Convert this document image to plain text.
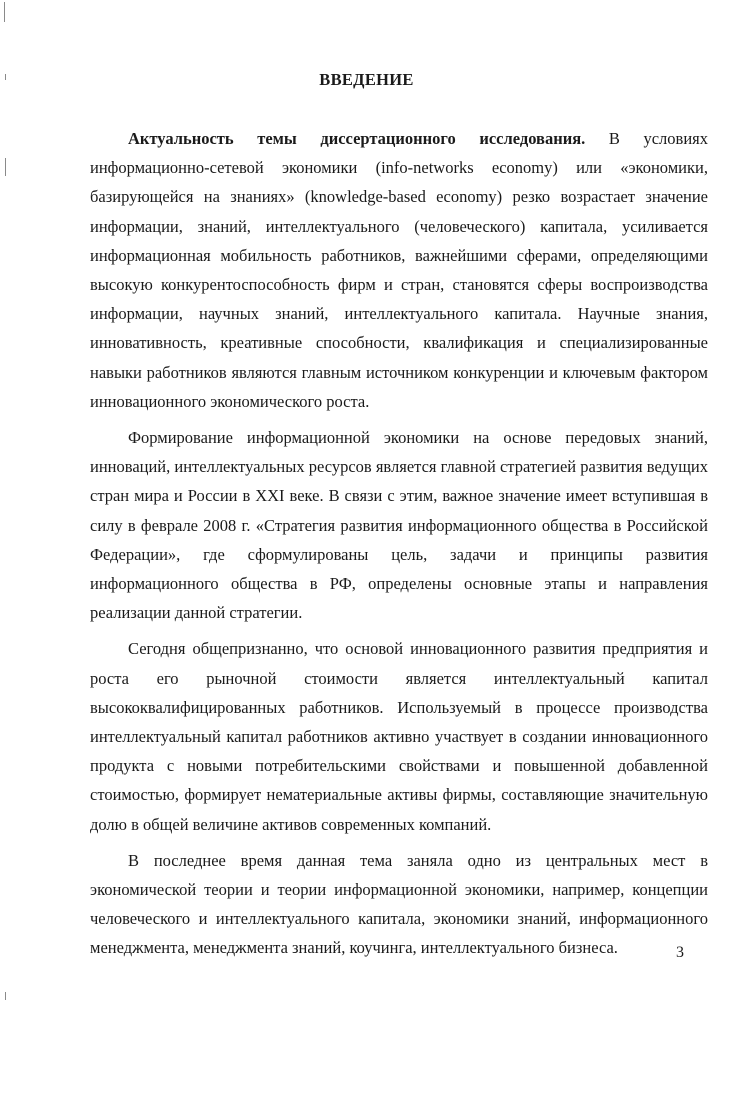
ВВЕДЕНИЕ

Актуальность темы диссертационного исследования. В условиях информационно-сетевой экономики (info-networks economy) или «экономики, базирующейся на знаниях» (knowledge-based economy) резко возрастает значение информации, знаний, интеллектуального (человеческого) капитала, усиливается информационная мобильность работников, важнейшими сферами, определяющими высокую конкурентоспособность фирм и стран, становятся сферы воспроизводства информации, научных знаний, интеллектуального капитала. Научные знания, инновативность, креативные способности, квалификация и специализированные навыки работников являются главным источником конкуренции и ключевым фактором инновационного экономического роста.

Формирование информационной экономики на основе передовых знаний, инноваций, интеллектуальных ресурсов является главной стратегией развития ведущих стран мира и России в XXI веке. В связи с этим, важное значение имеет вступившая в силу в феврале 2008 г. «Стратегия развития информационного общества в Российской Федерации», где сформулированы цель, задачи и принципы развития информационного общества в РФ, определены основные этапы и направления реализации данной стратегии.

Сегодня общепризнанно, что основой инновационного развития предприятия и роста его рыночной стоимости является интеллектуальный капитал высококвалифицированных работников. Используемый в процессе производства интеллектуальный капитал работников активно участвует в создании инновационного продукта с новыми потребительскими свойствами и повышенной добавленной стоимостью, формирует нематериальные активы фирмы, составляющие значительную долю в общей величине активов современных компаний.

В последнее время данная тема заняла одно из центральных мест в экономической теории и теории информационной экономики, например, концепции человеческого и интеллектуального капитала, экономики знаний, информационного менеджмента, менеджмента знаний, коучинга, интеллектуального бизнеса.	3
